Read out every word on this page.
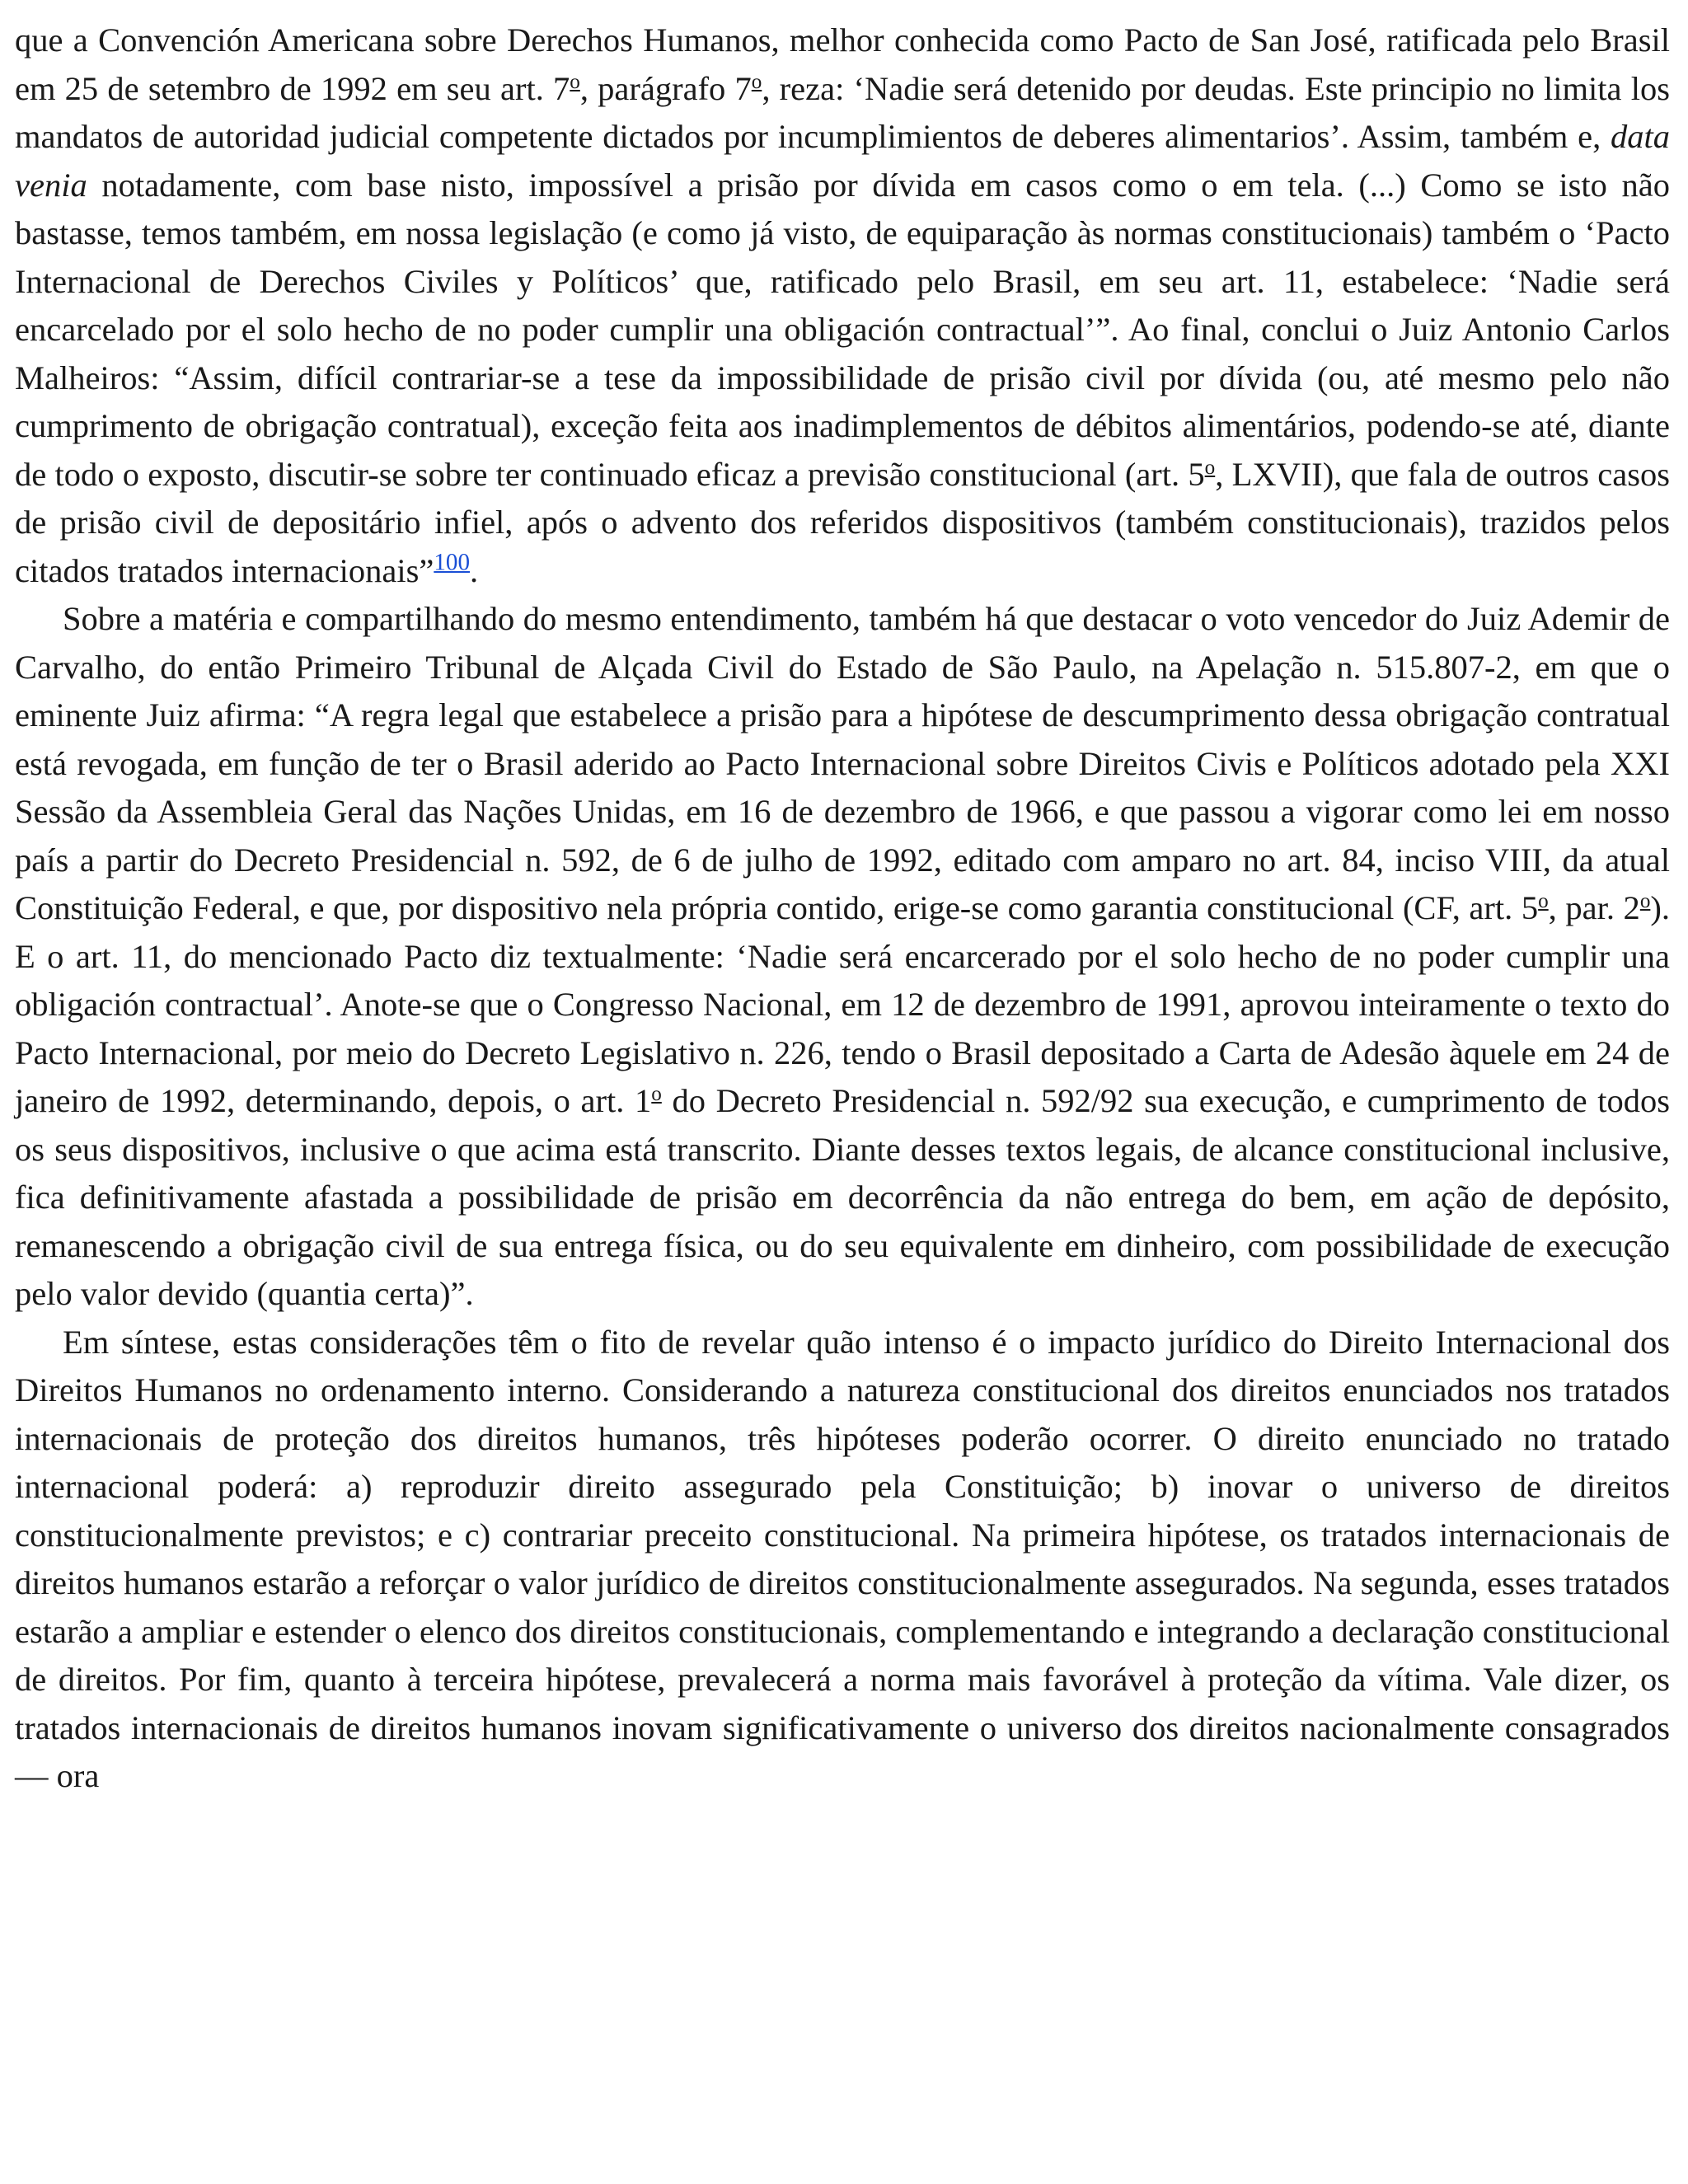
que a Convención Americana sobre Derechos Humanos, melhor conhecida como Pacto de San José, ratificada pelo Brasil em 25 de setembro de 1992 em seu art. 7$^o$, parágrafo 7$^o$, reza: ‘Nadie será detenido por deudas. Este principio no limita los mandatos de autoridad judicial competente dictados por incumplimientos de deberes alimentarios’. Assim, também e, data venia notadamente, com base nisto, impossível a prisão por dívida em casos como o em tela. (...) Como se isto não bastasse, temos também, em nossa legislação (e como já visto, de equiparação às normas constitucionais) também o ‘Pacto Internacional de Derechos Civiles y Políticos’ que, ratificado pelo Brasil, em seu art. 11, estabelece: ‘Nadie será encarcelado por el solo hecho de no poder cumplir una obligación contractual’”. Ao final, conclui o Juiz Antonio Carlos Malheiros: “Assim, difícil contrariar-se a tese da impossibilidade de prisão civil por dívida (ou, até mesmo pelo não cumprimento de obrigação contratual), exceção feita aos inadimplementos de débitos alimentários, podendo-se até, diante de todo o exposto, discutir-se sobre ter continuado eficaz a previsão constitucional (art. 5$^o$, LXVII), que fala de outros casos de prisão civil de depositário infiel, após o advento dos referidos dispositivos (também constitucionais), trazidos pelos citados tratados internacionais”$^{100}$.

Sobre a matéria e compartilhando do mesmo entendimento, também há que destacar o voto vencedor do Juiz Ademir de Carvalho, do então Primeiro Tribunal de Alçada Civil do Estado de São Paulo, na Apelação n. 515.807-2, em que o eminente Juiz afirma: “A regra legal que estabelece a prisão para a hipótese de descumprimento dessa obrigação contratual está revogada, em função de ter o Brasil aderido ao Pacto Internacional sobre Direitos Civis e Políticos adotado pela XXI Sessão da Assembleia Geral das Nações Unidas, em 16 de dezembro de 1966, e que passou a vigorar como lei em nosso país a partir do Decreto Presidencial n. 592, de 6 de julho de 1992, editado com amparo no art. 84, inciso VIII, da atual Constituição Federal, e que, por dispositivo nela própria contido, erige-se como garantia constitucional (CF, art. 5$^o$, par. 2$^o$). E o art. 11, do mencionado Pacto diz textualmente: ‘Nadie será encarcerado por el solo hecho de no poder cumplir una obligación contractual’. Anote-se que o Congresso Nacional, em 12 de dezembro de 1991, aprovou inteiramente o texto do Pacto Internacional, por meio do Decreto Legislativo n. 226, tendo o Brasil depositado a Carta de Adesão àquele em 24 de janeiro de 1992, determinando, depois, o art. 1$^o$ do Decreto Presidencial n. 592/92 sua execução, e cumprimento de todos os seus dispositivos, inclusive o que acima está transcrito. Diante desses textos legais, de alcance constitucional inclusive, fica definitivamente afastada a possibilidade de prisão em decorrência da não entrega do bem, em ação de depósito, remanescendo a obrigação civil de sua entrega física, ou do seu equivalente em dinheiro, com possibilidade de execução pelo valor devido (quantia certa)”.

Em síntese, estas considerações têm o fito de revelar quão intenso é o impacto jurídico do Direito Internacional dos Direitos Humanos no ordenamento interno. Considerando a natureza constitucional dos direitos enunciados nos tratados internacionais de proteção dos direitos humanos, três hipóteses poderão ocorrer. O direito enunciado no tratado internacional poderá: a) reproduzir direito assegurado pela Constituição; b) inovar o universo de direitos constitucionalmente previstos; e c) contrariar preceito constitucional. Na primeira hipótese, os tratados internacionais de direitos humanos estarão a reforçar o valor jurídico de direitos constitucionalmente assegurados. Na segunda, esses tratados estarão a ampliar e estender o elenco dos direitos constitucionais, complementando e integrando a declaração constitucional de direitos. Por fim, quanto à terceira hipótese, prevalecerá a norma mais favorável à proteção da vítima. Vale dizer, os tratados internacionais de direitos humanos inovam significativamente o universo dos direitos nacionalmente consagrados — ora
